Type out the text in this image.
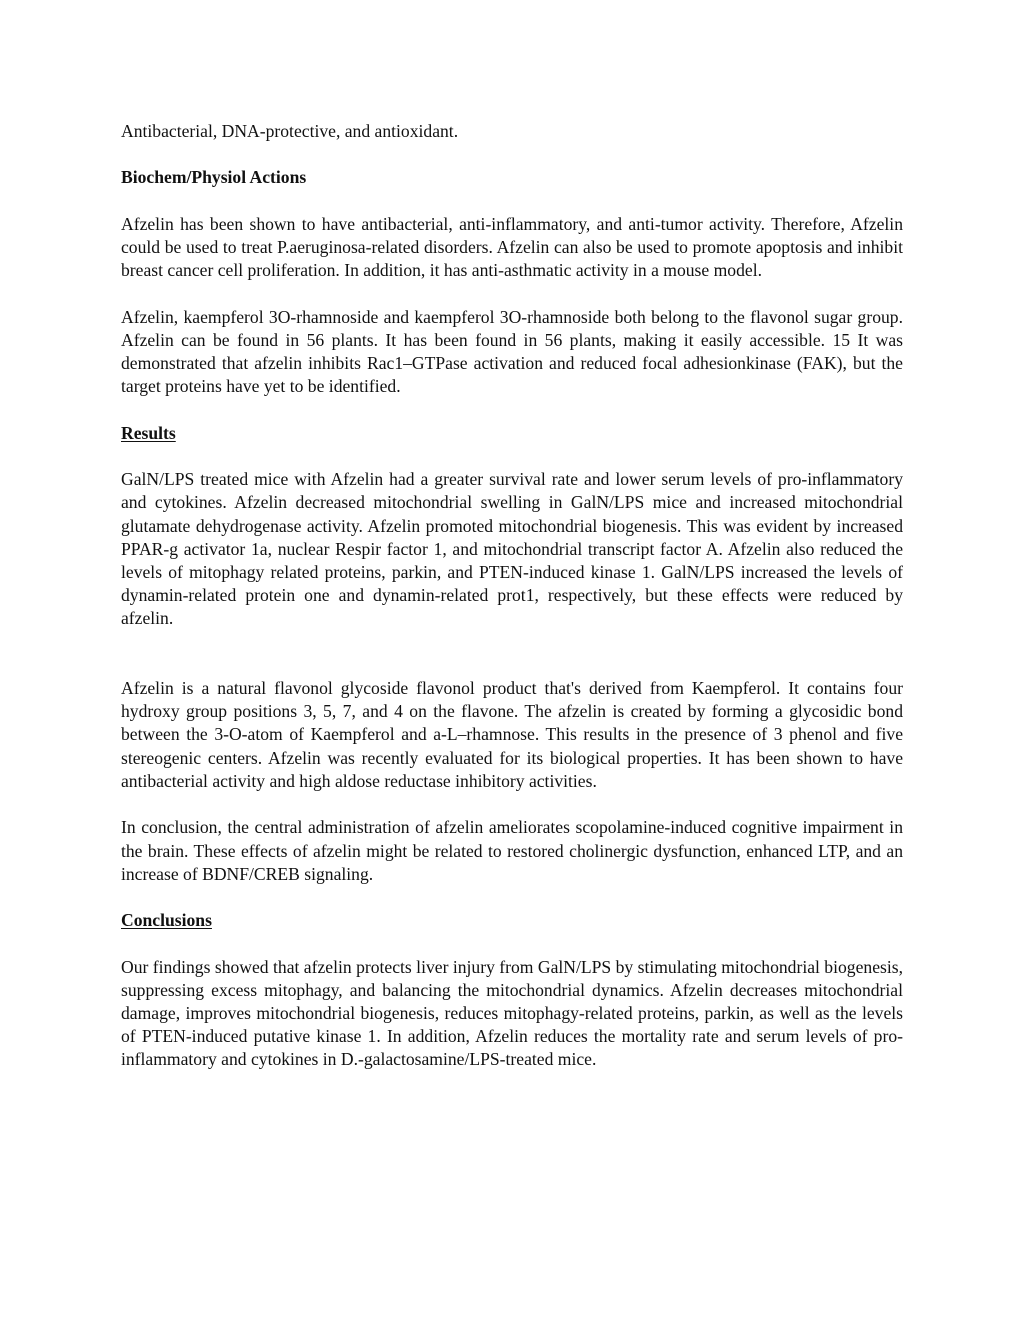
Antibacterial, DNA-protective, and antioxidant.

Biochem/Physiol Actions

Afzelin has been shown to have antibacterial, anti-inflammatory, and anti-tumor activity. Therefore, Afzelin could be used to treat P.aeruginosa-related disorders. Afzelin can also be used to promote apoptosis and inhibit breast cancer cell proliferation. In addition, it has anti-asthmatic activity in a mouse model.

Afzelin, kaempferol 3O-rhamnoside and kaempferol 3O-rhamnoside both belong to the flavonol sugar group. Afzelin can be found in 56 plants. It has been found in 56 plants, making it easily accessible. 15 It was demonstrated that afzelin inhibits Rac1–GTPase activation and reduced focal adhesionkinase (FAK), but the target proteins have yet to be identified.

Results

GalN/LPS treated mice with Afzelin had a greater survival rate and lower serum levels of pro-inflammatory and cytokines. Afzelin decreased mitochondrial swelling in GalN/LPS mice and increased mitochondrial glutamate dehydrogenase activity. Afzelin promoted mitochondrial biogenesis. This was evident by increased PPAR-g activator 1a, nuclear Respir factor 1, and mitochondrial transcript factor A. Afzelin also reduced the levels of mitophagy related proteins, parkin, and PTEN-induced kinase 1. GalN/LPS increased the levels of dynamin-related protein one and dynamin-related prot1, respectively, but these effects were reduced by afzelin.

Afzelin is a natural flavonol glycoside flavonol product that's derived from Kaempferol. It contains four hydroxy group positions 3, 5, 7, and 4 on the flavone. The afzelin is created by forming a glycosidic bond between the 3-O-atom of Kaempferol and a-L–rhamnose. This results in the presence of 3 phenol and five stereogenic centers. Afzelin was recently evaluated for its biological properties. It has been shown to have antibacterial activity and high aldose reductase inhibitory activities.

In conclusion, the central administration of afzelin ameliorates scopolamine-induced cognitive impairment in the brain. These effects of afzelin might be related to restored cholinergic dysfunction, enhanced LTP, and an increase of BDNF/CREB signaling.

Conclusions

Our findings showed that afzelin protects liver injury from GalN/LPS by stimulating mitochondrial biogenesis, suppressing excess mitophagy, and balancing the mitochondrial dynamics. Afzelin decreases mitochondrial damage, improves mitochondrial biogenesis, reduces mitophagy-related proteins, parkin, as well as the levels of PTEN-induced putative kinase 1. In addition, Afzelin reduces the mortality rate and serum levels of pro-inflammatory and cytokines in D.-galactosamine/LPS-treated mice.
